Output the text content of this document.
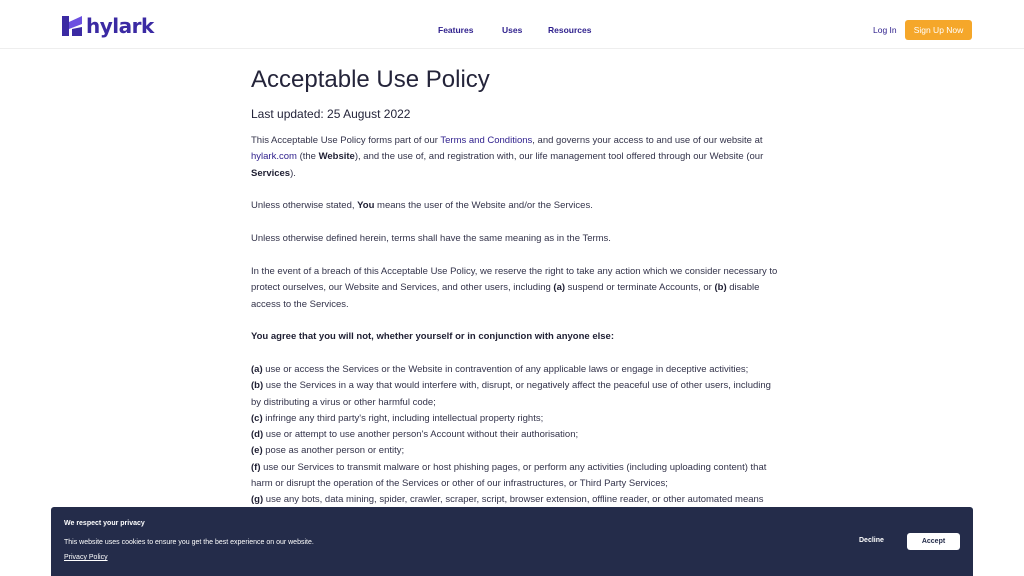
hylark	Features	Uses	Resources	Log In	Sign Up Now
Acceptable Use Policy
Last updated: 25 August 2022

This Acceptable Use Policy forms part of our Terms and Conditions, and governs your access to and use of our website at hylark.com (the Website), and the use of, and registration with, our life management tool offered through our Website (our Services).

Unless otherwise stated, You means the user of the Website and/or the Services.

Unless otherwise defined herein, terms shall have the same meaning as in the Terms.

In the event of a breach of this Acceptable Use Policy, we reserve the right to take any action which we consider necessary to protect ourselves, our Website and Services, and other users, including (a) suspend or terminate Accounts, or (b) disable access to the Services.

You agree that you will not, whether yourself or in conjunction with anyone else:

(a) use or access the Services or the Website in contravention of any applicable laws or engage in deceptive activities;
(b) use the Services in a way that would interfere with, disrupt, or negatively affect the peaceful use of other users, including by distributing a virus or other harmful code;
(c) infringe any third party's right, including intellectual property rights;
(d) use or attempt to use another person's Account without their authorisation;
(e) pose as another person or entity;
(f) use our Services to transmit malware or host phishing pages, or perform any activities (including uploading content) that harm or disrupt the operation of the Services or other of our infrastructures, or Third Party Services;
(g) use any bots, data mining, spider, crawler, scraper, script, browser extension, offline reader, or other automated means

We respect your privacy
This website uses cookies to ensure you get the best experience on our website.
Privacy Policy
Decline	Accept
